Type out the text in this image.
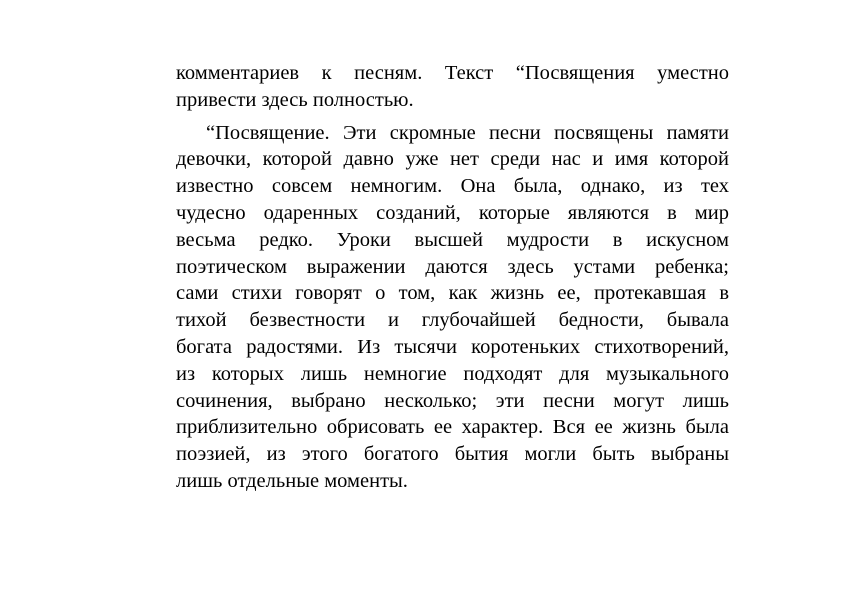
комментариев к песням. Текст “Посвящения уместно
привести здесь полностью.

“Посвящение. Эти скромные песни посвящены памяти
девочки, которой давно уже нет среди нас и имя которой
известно совсем немногим. Она была, однако, из тех
чудесно одаренных созданий, которые являются в мир
весьма редко. Уроки высшей мудрости в искусном
поэтическом выражении даются здесь устами ребенка;
сами стихи говорят о том, как жизнь ее, протекавшая в
тихой безвестности и глубочайшей бедности, бывала
богата радостями. Из тысячи коротеньких стихотворений,
из которых лишь немногие подходят для музыкального
сочинения, выбрано несколько; эти песни могут лишь
приблизительно обрисовать ее характер. Вся ее жизнь была
поэзией, из этого богатого бытия могли быть выбраны
лишь отдельные моменты.
